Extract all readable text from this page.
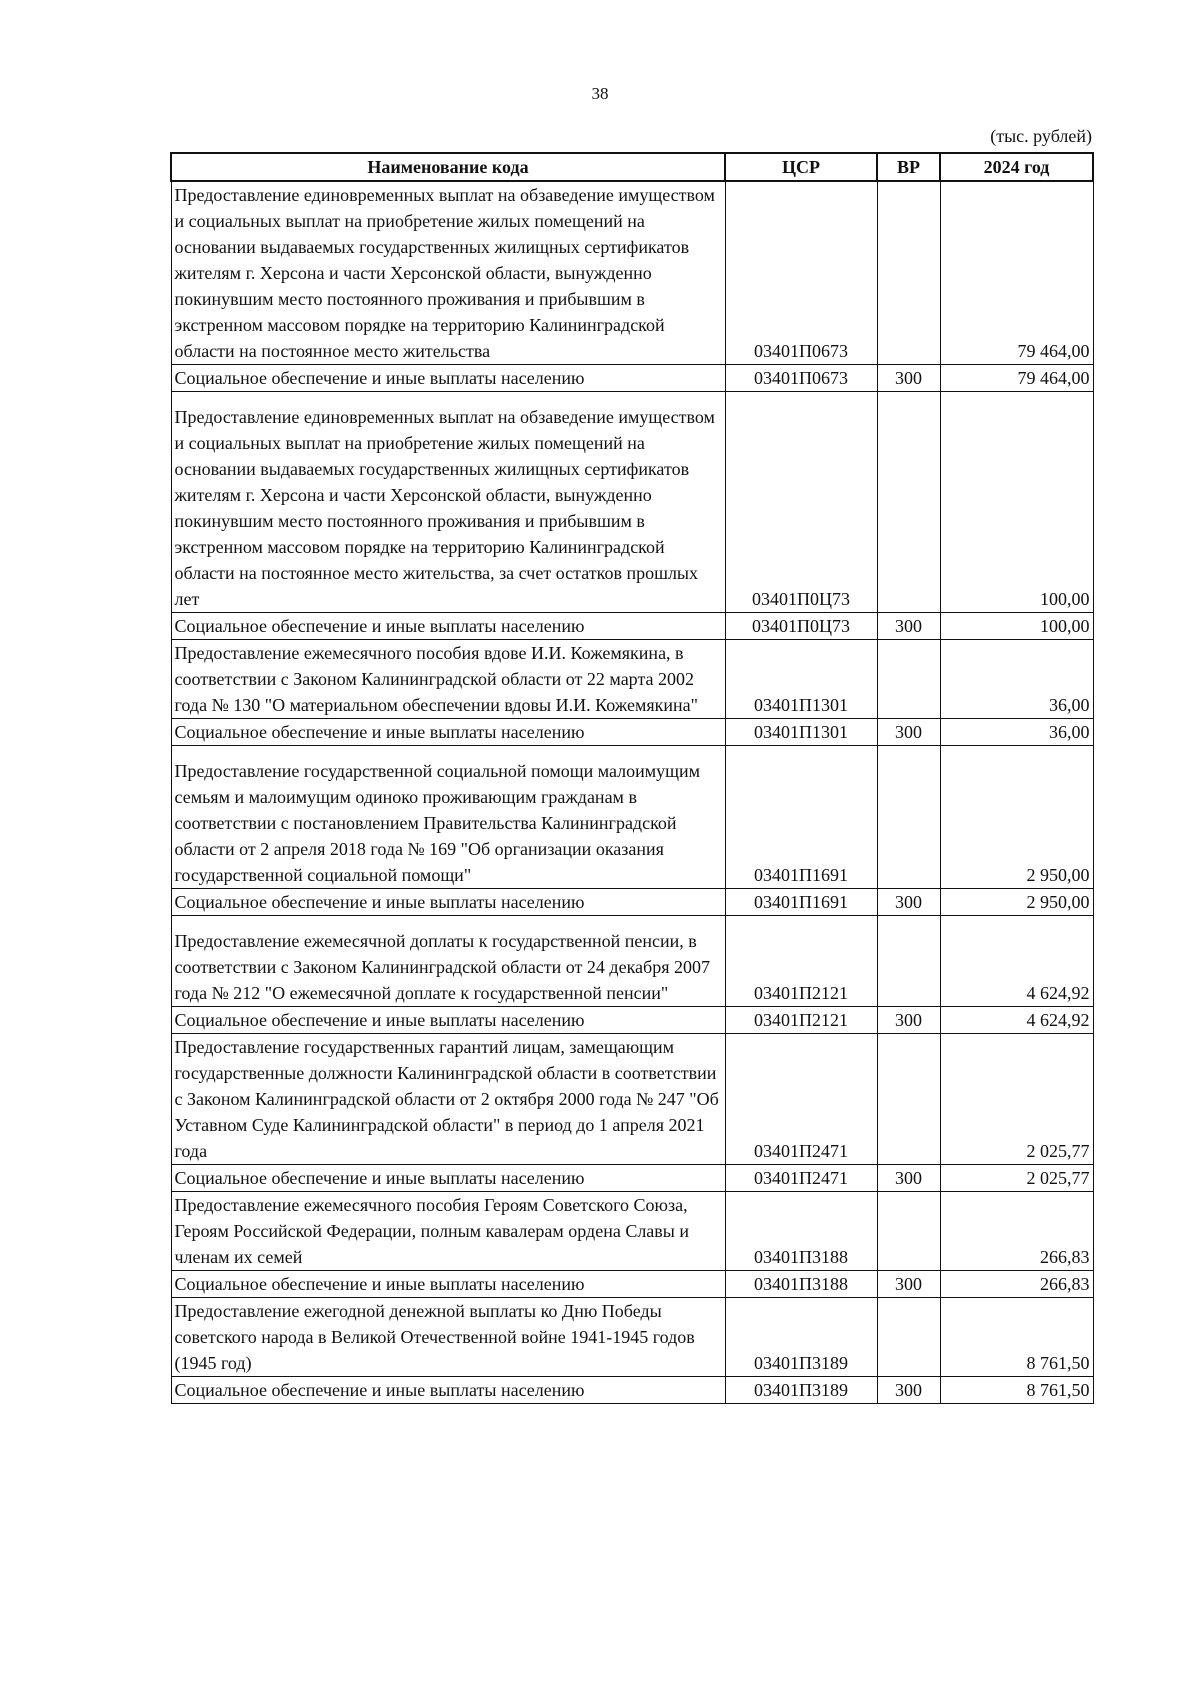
38
(тыс. рублей)
Наименование кода	ЦСР	ВР	2024 год
Предоставление единовременных выплат на обзаведение имуществом и социальных выплат на приобретение жилых помещений на основании выдаваемых государственных жилищных сертификатов жителям г. Херсона и части Херсонской области, вынужденно покинувшим место постоянного проживания и прибывшим в экстренном массовом порядке на территорию Калининградской области на постоянное место жительства	03401П0673		79 464,00
Социальное обеспечение и иные выплаты населению	03401П0673	300	79 464,00
Предоставление единовременных выплат на обзаведение имуществом и социальных выплат на приобретение жилых помещений на основании выдаваемых государственных жилищных сертификатов жителям г. Херсона и части Херсонской области, вынужденно покинувшим место постоянного проживания и прибывшим в экстренном массовом порядке на территорию Калининградской области на постоянное место жительства, за счет остатков прошлых лет	03401П0Ц73		100,00
Социальное обеспечение и иные выплаты населению	03401П0Ц73	300	100,00
Предоставление ежемесячного пособия вдове И.И. Кожемякина, в соответствии с Законом Калининградской области от 22 марта 2002 года № 130 "О материальном обеспечении вдовы И.И. Кожемякина"	03401П1301		36,00
Социальное обеспечение и иные выплаты населению	03401П1301	300	36,00
Предоставление государственной социальной помощи малоимущим семьям и малоимущим одиноко проживающим гражданам в соответствии с постановлением Правительства Калининградской области от 2 апреля 2018 года № 169 "Об организации оказания государственной социальной помощи"	03401П1691		2 950,00
Социальное обеспечение и иные выплаты населению	03401П1691	300	2 950,00
Предоставление ежемесячной доплаты к государственной пенсии, в соответствии с Законом Калининградской области от 24 декабря 2007 года № 212 "О ежемесячной доплате к государственной пенсии"	03401П2121		4 624,92
Социальное обеспечение и иные выплаты населению	03401П2121	300	4 624,92
Предоставление государственных гарантий лицам, замещающим государственные должности Калининградской области в соответствии с Законом Калининградской области от 2 октября 2000 года № 247 "Об Уставном Суде Калининградской области" в период до 1 апреля 2021 года	03401П2471		2 025,77
Социальное обеспечение и иные выплаты населению	03401П2471	300	2 025,77
Предоставление ежемесячного пособия Героям Советского Союза, Героям Российской Федерации, полным кавалерам ордена Славы и членам их семей	03401П3188		266,83
Социальное обеспечение и иные выплаты населению	03401П3188	300	266,83
Предоставление ежегодной денежной выплаты ко Дню Победы советского народа в Великой Отечественной войне 1941-1945 годов (1945 год)	03401П3189		8 761,50
Социальное обеспечение и иные выплаты населению	03401П3189	300	8 761,50
